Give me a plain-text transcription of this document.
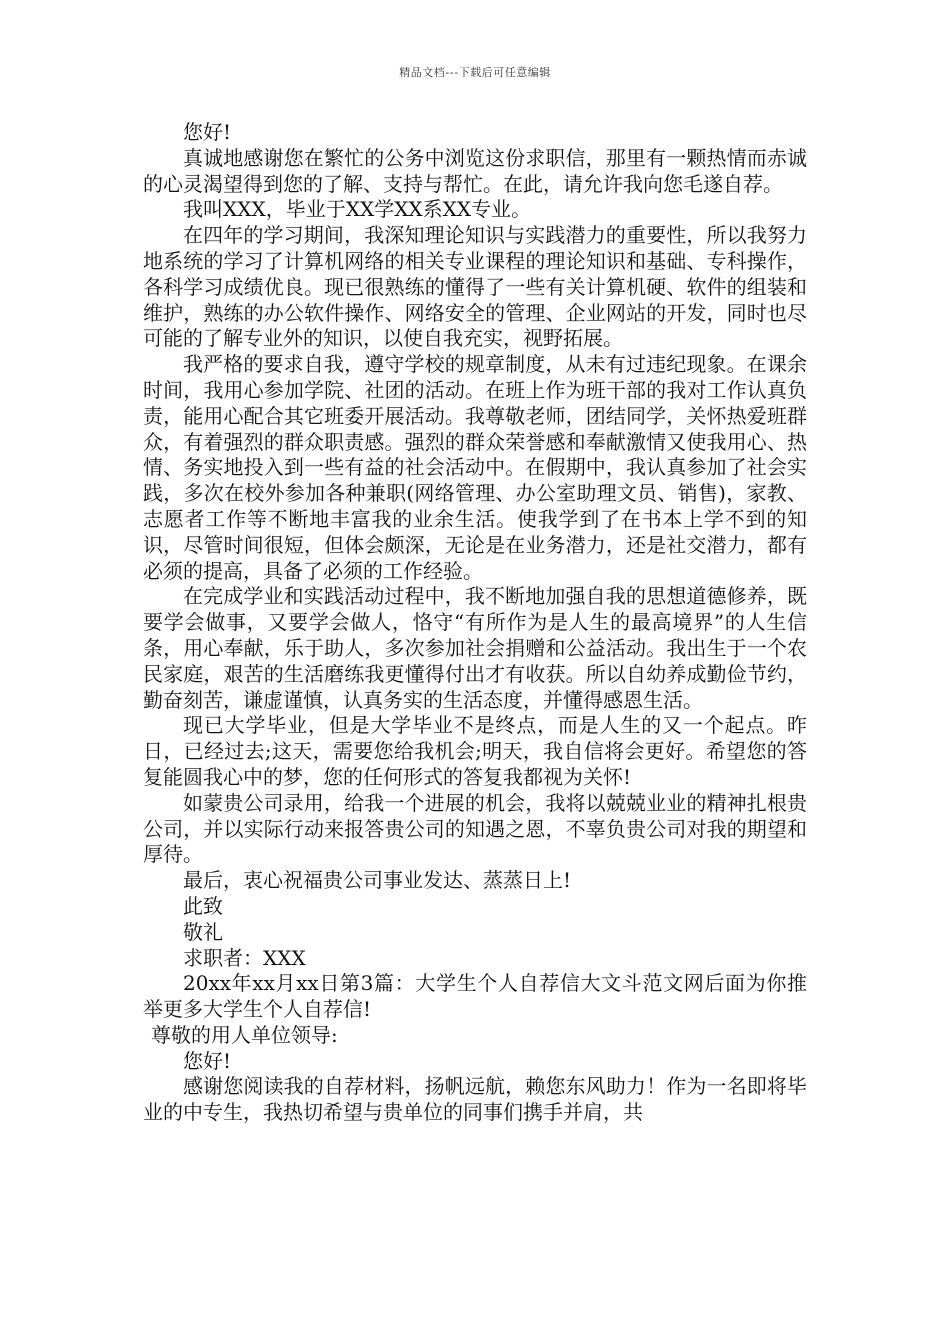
精品文档---下载后可任意编辑

您好!

真诚地感谢您在繁忙的公务中浏览这份求职信，那里有一颗热情而赤诚的心灵渴望得到您的了解、支持与帮忙。在此，请允许我向您毛遂自荐。

我叫XXX，毕业于XX学XX系XX专业。

在四年的学习期间，我深知理论知识与实践潜力的重要性，所以我努力地系统的学习了计算机网络的相关专业课程的理论知识和基础、专科操作，各科学习成绩优良。现已很熟练的懂得了一些有关计算机硬、软件的组装和维护，熟练的办公软件操作、网络安全的管理、企业网站的开发，同时也尽可能的了解专业外的知识，以使自我充实，视野拓展。

我严格的要求自我，遵守学校的规章制度，从未有过违纪现象。在课余时间，我用心参加学院、社团的活动。在班上作为班干部的我对工作认真负责，能用心配合其它班委开展活动。我尊敬老师，团结同学，关怀热爱班群众，有着强烈的群众职责感。强烈的群众荣誉感和奉献激情又使我用心、热情、务实地投入到一些有益的社会活动中。在假期中，我认真参加了社会实践，多次在校外参加各种兼职(网络管理、办公室助理文员、销售)，家教、志愿者工作等不断地丰富我的业余生活。使我学到了在书本上学不到的知识，尽管时间很短，但体会颇深，无论是在业务潜力，还是社交潜力，都有必须的提高，具备了必须的工作经验。

在完成学业和实践活动过程中，我不断地加强自我的思想道德修养，既要学会做事，又要学会做人，恪守“有所作为是人生的最高境界”的人生信条，用心奉献，乐于助人，多次参加社会捐赠和公益活动。我出生于一个农民家庭，艰苦的生活磨练我更懂得付出才有收获。所以自幼养成勤俭节约，勤奋刻苦，谦虚谨慎，认真务实的生活态度，并懂得感恩生活。

现已大学毕业，但是大学毕业不是终点，而是人生的又一个起点。昨日，已经过去;这天，需要您给我机会;明天，我自信将会更好。希望您的答复能圆我心中的梦，您的任何形式的答复我都视为关怀!

如蒙贵公司录用，给我一个进展的机会，我将以兢兢业业的精神扎根贵公司，并以实际行动来报答贵公司的知遇之恩，不辜负贵公司对我的期望和厚待。

最后，衷心祝福贵公司事业发达、蒸蒸日上!

此致

敬礼

求职者：XXX

20xx年xx月xx日第3篇：大学生个人自荐信大文斗范文网后面为你推举更多大学生个人自荐信!

尊敬的用人单位领导:

您好!

感谢您阅读我的自荐材料，扬帆远航，赖您东风助力！作为一名即将毕业的中专生，我热切希望与贵单位的同事们携手并肩，共
